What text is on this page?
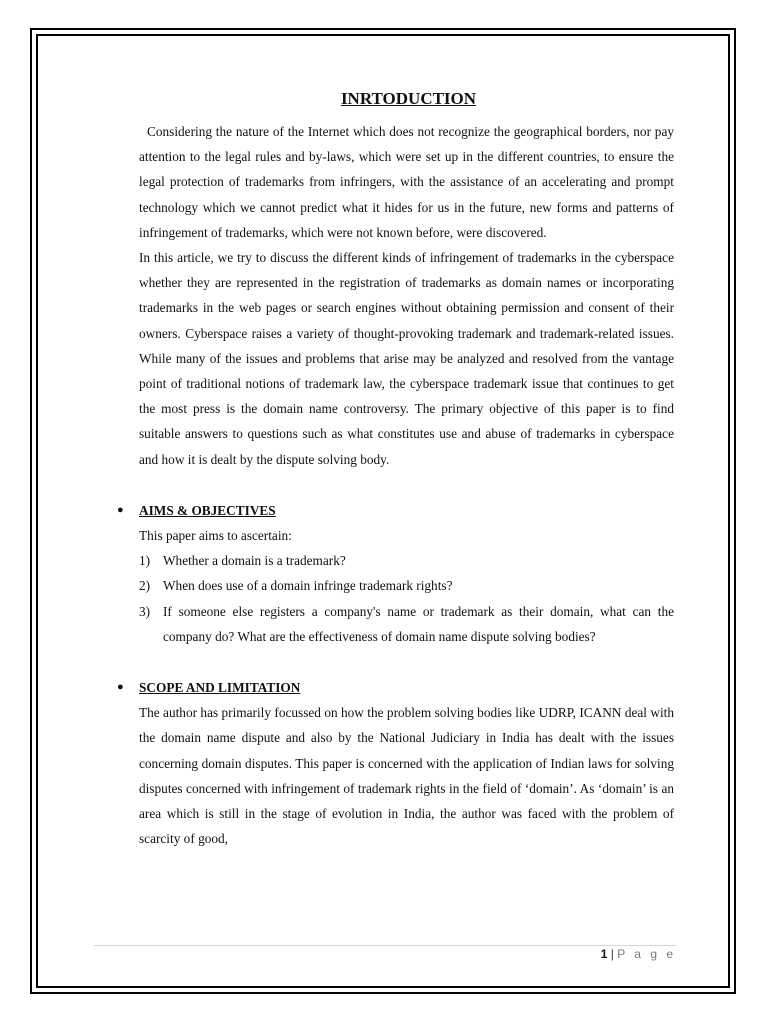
INRTODUCTION

Considering the nature of the Internet which does not recognize the geographical borders, nor pay attention to the legal rules and by-laws, which were set up in the different countries, to ensure the legal protection of trademarks from infringers, with the assistance of an accelerating and prompt technology which we cannot predict what it hides for us in the future, new forms and patterns of infringement of trademarks, which were not known before, were discovered.

In this article, we try to discuss the different kinds of infringement of trademarks in the cyberspace whether they are represented in the registration of trademarks as domain names or incorporating trademarks in the web pages or search engines without obtaining permission and consent of their owners. Cyberspace raises a variety of thought-provoking trademark and trademark-related issues. While many of the issues and problems that arise may be analyzed and resolved from the vantage point of traditional notions of trademark law, the cyberspace trademark issue that continues to get the most press is the domain name controversy. The primary objective of this paper is to find suitable answers to questions such as what constitutes use and abuse of trademarks in cyberspace and how it is dealt by the dispute solving body.

● AIMS & OBJECTIVES

This paper aims to ascertain:

1) Whether a domain is a trademark?
2) When does use of a domain infringe trademark rights?
3) If someone else registers a company's name or trademark as their domain, what can the company do? What are the effectiveness of domain name dispute solving bodies?
● SCOPE AND LIMITATION

The author has primarily focussed on how the problem solving bodies like UDRP, ICANN deal with the domain name dispute and also by the National Judiciary in India has dealt with the issues concerning domain disputes. This paper is concerned with the application of Indian laws for solving disputes concerned with infringement of trademark rights in the field of ‘domain’. As ‘domain’ is an area which is still in the stage of evolution in India, the author was faced with the problem of scarcity of good,

1 | P a g e
